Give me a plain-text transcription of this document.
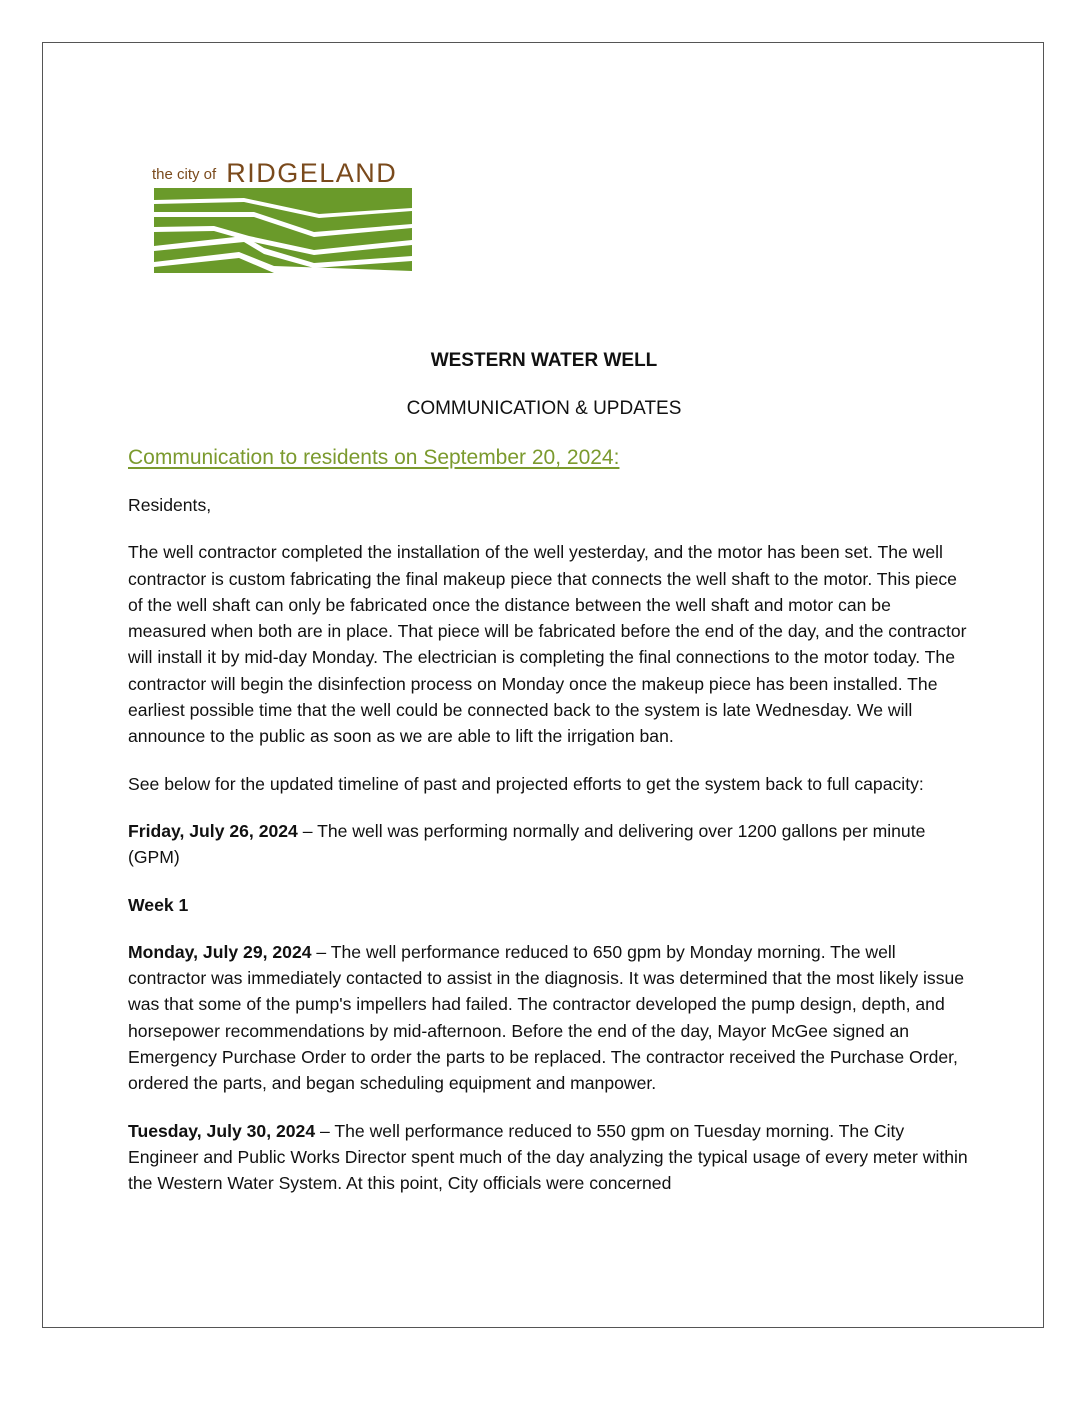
the city of RIDGELAND
WESTERN WATER WELL
COMMUNICATION & UPDATES
Communication to residents on September 20, 2024:

Residents,

The well contractor completed the installation of the well yesterday, and the motor has been set. The well contractor is custom fabricating the final makeup piece that connects the well shaft to the motor. This piece of the well shaft can only be fabricated once the distance between the well shaft and motor can be measured when both are in place. That piece will be fabricated before the end of the day, and the contractor will install it by mid-day Monday. The electrician is completing the final connections to the motor today. The contractor will begin the disinfection process on Monday once the makeup piece has been installed. The earliest possible time that the well could be connected back to the system is late Wednesday. We will announce to the public as soon as we are able to lift the irrigation ban.

See below for the updated timeline of past and projected efforts to get the system back to full capacity:

Friday, July 26, 2024 – The well was performing normally and delivering over 1200 gallons per minute (GPM)

Week 1

Monday, July 29, 2024 – The well performance reduced to 650 gpm by Monday morning. The well contractor was immediately contacted to assist in the diagnosis. It was determined that the most likely issue was that some of the pump's impellers had failed. The contractor developed the pump design, depth, and horsepower recommendations by mid-afternoon. Before the end of the day, Mayor McGee signed an Emergency Purchase Order to order the parts to be replaced. The contractor received the Purchase Order, ordered the parts, and began scheduling equipment and manpower.

Tuesday, July 30, 2024 – The well performance reduced to 550 gpm on Tuesday morning. The City Engineer and Public Works Director spent much of the day analyzing the typical usage of every meter within the Western Water System. At this point, City officials were concerned
